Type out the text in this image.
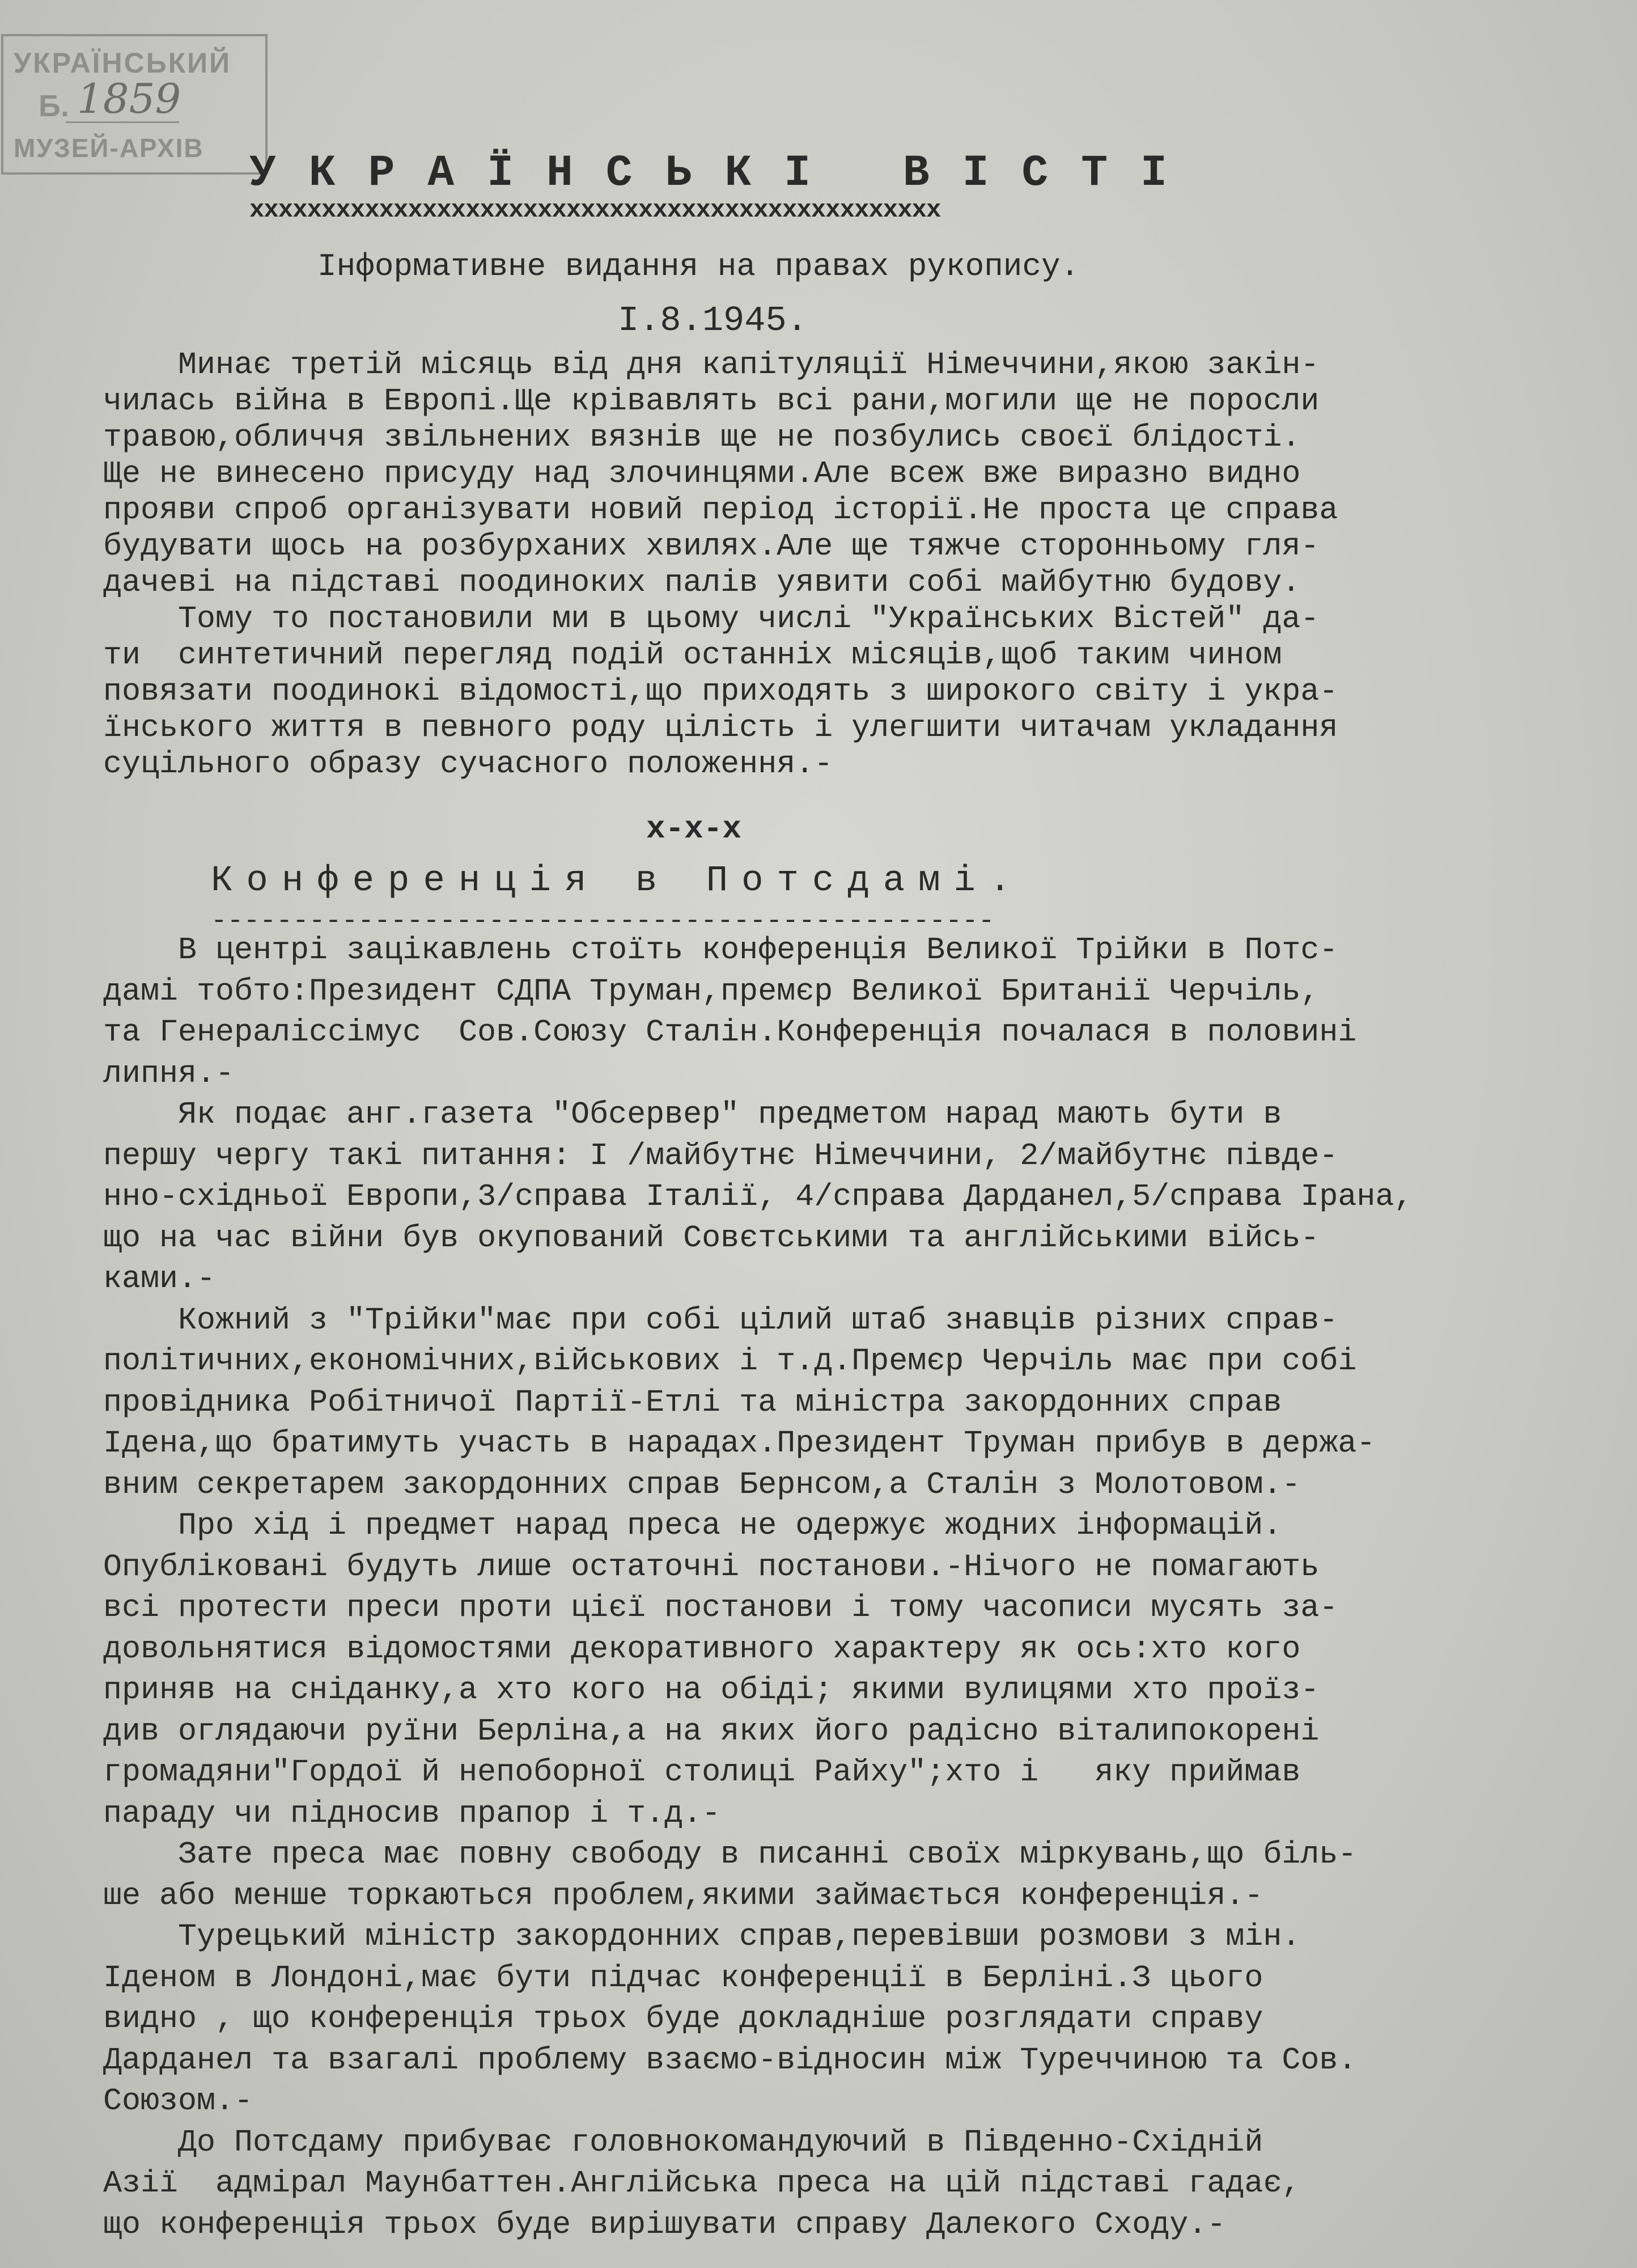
УКРАЇНСЬКИЙ
Б. 1859
МУЗЕЙ-АРХІВ
УКРАЇНСЬКІ ВІСТІ
xxxxxxxxxxxxxxxxxxxxxxxxxxxxxxxxxxxxxxxxxxxxxxxx
Інформативне видання на правах рукопису.
І.8.1945.
Минає третій місяць від дня капітуляції Німеччини,якою закін-
чилась війна в Европі.Ще крівавлять всі рани,могили ще не поросли
травою,обличчя звільнених вязнів ще не позбулись своєї блідості.
Ще не винесено присуду над злочинцями.Але всеж вже виразно видно
прояви спроб організувати новий період історії.Не проста це справа
будувати щось на розбурханих хвилях.Але ще тяжче сторонньому гля-
дачеві на підставі поодиноких палів уявити собі майбутню будову.
Тому то постановили ми в цьому числі "Українських Вістей" да-
ти  синтетичний перегляд подій останніх місяців,щоб таким чином
повязати поодинокі відомості,що приходять з широкого світу і укра-
їнського життя в певного роду цілість і улегшити читачам укладання
суцільного образу сучасного положення.-
x-x-x
Конференція в Потсдамі.
------------------------------------------------
В центрі зацікавлень стоїть конференція Великої Трійки в Потс-
дамі тобто:Президент СДПА Труман,премєр Великої Британії Черчіль,
та Генераліссімус  Сов.Союзу Сталін.Конференція почалася в половині
липня.-
Як подає анг.газета "Обсервер" предметом нарад мають бути в
першу чергу такі питання: І /майбутнє Німеччини, 2/майбутнє півде-
нно-східньої Европи,3/справа Італії, 4/справа Дарданел,5/справа Ірана,
що на час війни був окупований Совєтськими та англійськими війсь-
ками.-
Кожний з "Трійки"має при собі цілий штаб знавців різних справ-
політичних,економічних,військових і т.д.Премєр Черчіль має при собі
провідника Робітничої Партії-Етлі та міністра закордонних справ
Ідена,що братимуть участь в нарадах.Президент Труман прибув в держа-
вним секретарем закордонних справ Бернсом,а Сталін з Молотовом.-
Про хід і предмет нарад преса не одержує жодних інформацій.
Опубліковані будуть лише остаточні постанови.-Нічого не помагають
всі протести преси проти цієї постанови і тому часописи мусять за-
довольнятися відомостями декоративного характеру як ось:хто кого
приняв на сніданку,а хто кого на обіді; якими вулицями хто проїз-
див оглядаючи руїни Берліна,а на яких його радісно віталипокорені
громадяни"Гордої й непоборної столиці Райху";хто і   яку приймав
параду чи підносив прапор і т.д.-
Зате преса має повну свободу в писанні своїх міркувань,що біль-
ше або менше торкаються проблем,якими займається конференція.-
Турецький міністр закордонних справ,перевівши розмови з мін.
Іденом в Лондоні,має бути підчас конференції в Берліні.З цього
видно , що конференція трьох буде докладніше розглядати справу
Дарданел та взагалі проблему взаємо-відносин між Туреччиною та Сов.
Союзом.-
До Потсдаму прибуває головнокомандуючий в Південно-Східній
Азії  адмірал Маунбаттен.Англійська преса на цій підставі гадає,
що конференція трьох буде вирішувати справу Далекого Сходу.-
